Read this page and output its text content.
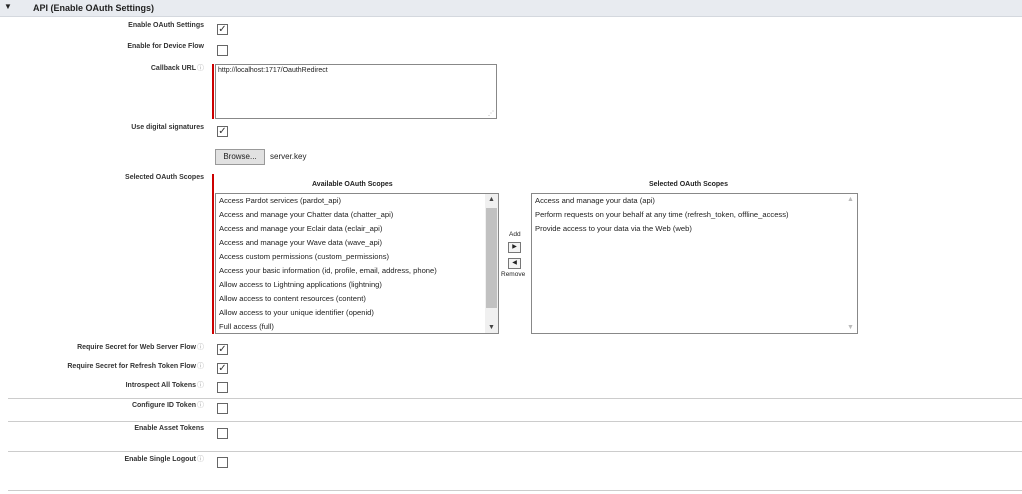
▼ API (Enable OAuth Settings)
Enable OAuth Settings ✓
Enable for Device Flow
Callback URLⓘ	http://localhost:1717/OauthRedirect
⋰
Use digital signatures ✓
Browse...	server.key
Selected OAuth Scopes
Available OAuth Scopes
Access Pardot services (pardot_api)
Access and manage your Chatter data (chatter_api)
Access and manage your Eclair data (eclair_api)
Access and manage your Wave data (wave_api)
Access custom permissions (custom_permissions)
Access your basic information (id, profile, email, address, phone)
Allow access to Lightning applications (lightning)
Allow access to content resources (content)
Allow access to your unique identifier (openid)
Full access (full)
▲
▼
Add
▶
◀
Remove
Selected OAuth Scopes
Access and manage your data (api)
Perform requests on your behalf at any time (refresh_token, offline_access)
Provide access to your data via the Web (web)
▲
▼
Require Secret for Web Server Flowⓘ ✓
Require Secret for Refresh Token Flowⓘ ✓
Introspect All Tokensⓘ
Configure ID Tokenⓘ
Enable Asset Tokens
Enable Single Logoutⓘ
